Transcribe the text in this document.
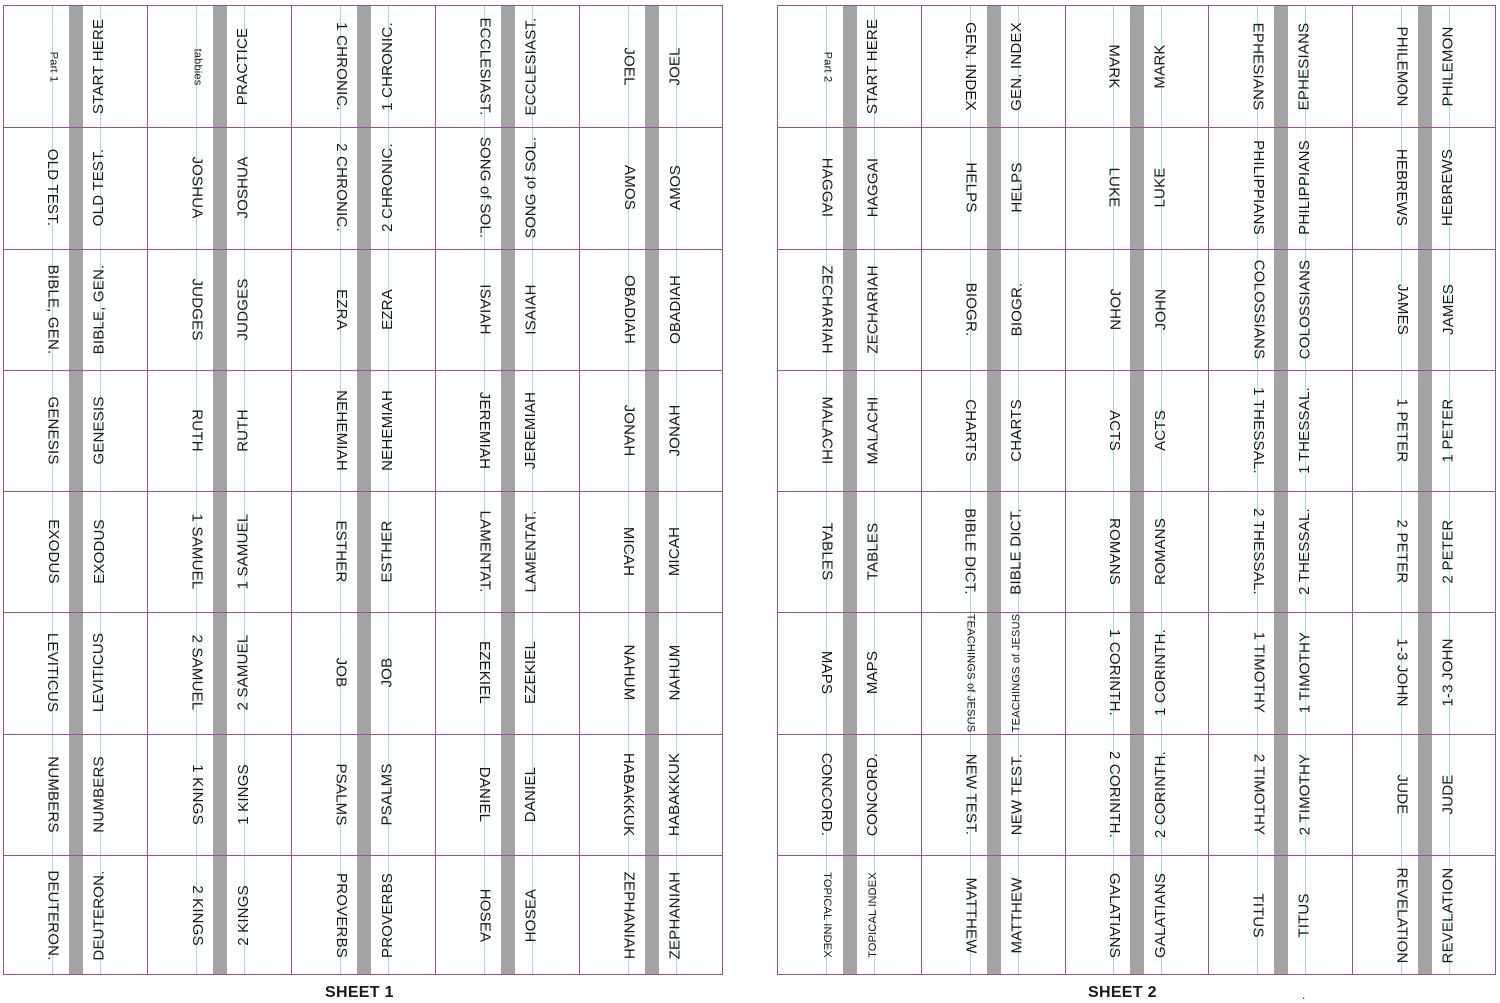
Part 1
OLD TEST.
BIBLE, GEN.
GENESIS
EXODUS
LEVITICUS
NUMBERS
DEUTERON.
START HERE
OLD TEST.
BIBLE, GEN.
GENESIS
EXODUS
LEVITICUS
NUMBERS
DEUTERON.
tabbies
JOSHUA
JUDGES
RUTH
1 SAMUEL
2 SAMUEL
1 KINGS
2 KINGS
PRACTICE
JOSHUA
JUDGES
RUTH
1 SAMUEL
2 SAMUEL
1 KINGS
2 KINGS
1 CHRONIC.
2 CHRONIC.
EZRA
NEHEMIAH
ESTHER
JOB
PSALMS
PROVERBS
1 CHRONIC.
2 CHRONIC.
EZRA
NEHEMIAH
ESTHER
JOB
PSALMS
PROVERBS
ECCLESIAST.
SONG of SOL.
ISAIAH
JEREMIAH
LAMENTAT.
EZEKIEL
DANIEL
HOSEA
ECCLESIAST.
SONG of SOL.
ISAIAH
JEREMIAH
LAMENTAT.
EZEKIEL
DANIEL
HOSEA
JOEL
AMOS
OBADIAH
JONAH
MICAH
NAHUM
HABAKKUK
ZEPHANIAH
JOEL
AMOS
OBADIAH
JONAH
MICAH
NAHUM
HABAKKUK
ZEPHANIAH
Part 2
HAGGAI
ZECHARIAH
MALACHI
TABLES
MAPS
CONCORD.
TOPICAL INDEX
START HERE
HAGGAI
ZECHARIAH
MALACHI
TABLES
MAPS
CONCORD.
TOPICAL INDEX
GEN. INDEX
HELPS
BIOGR.
CHARTS
BIBLE DICT.
TEACHINGS of JESUS
NEW TEST.
MATTHEW
GEN. INDEX
HELPS
BIOGR.
CHARTS
BIBLE DICT.
TEACHINGS of JESUS
NEW TEST.
MATTHEW
MARK
LUKE
JOHN
ACTS
ROMANS
1 CORINTH.
2 CORINTH.
GALATIANS
MARK
LUKE
JOHN
ACTS
ROMANS
1 CORINTH.
2 CORINTH.
GALATIANS
EPHESIANS
PHILIPPIANS
COLOSSIANS
1 THESSAL.
2 THESSAL.
1 TIMOTHY
2 TIMOTHY
TITUS
EPHESIANS
PHILIPPIANS
COLOSSIANS
1 THESSAL.
2 THESSAL.
1 TIMOTHY
2 TIMOTHY
TITUS
PHILEMON
HEBREWS
JAMES
1 PETER
2 PETER
1-3 JOHN
JUDE
REVELATION
PHILEMON
HEBREWS
JAMES
1 PETER
2 PETER
1-3 JOHN
JUDE
REVELATION
SHEET 1	SHEET 2	.
